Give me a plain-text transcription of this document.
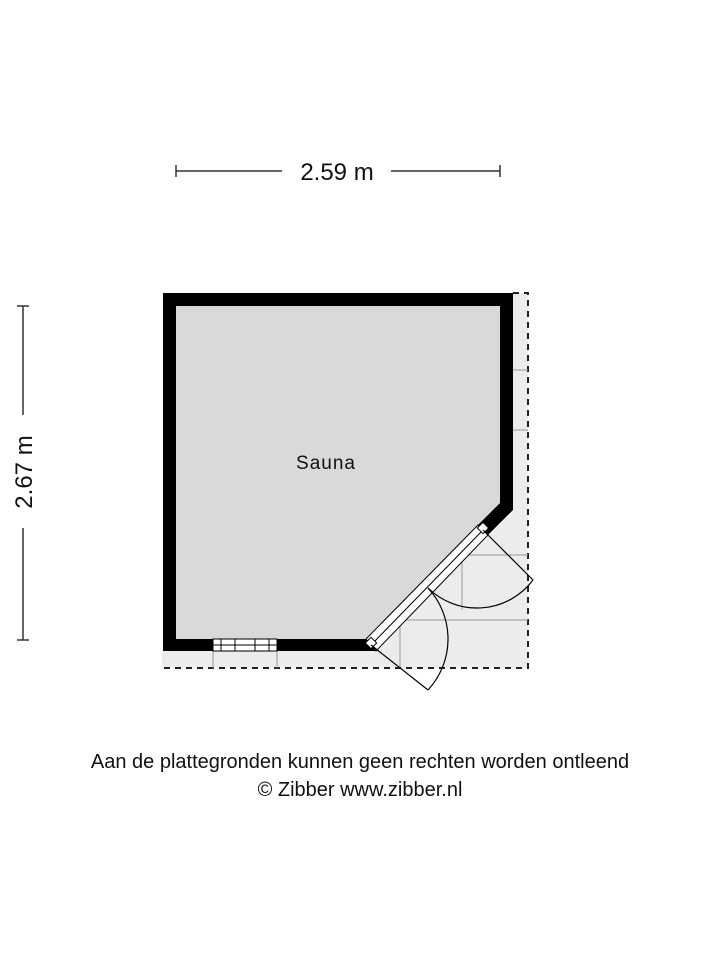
2.59 m
2.67 m	Sauna
Aan de plattegronden kunnen geen rechten worden ontleend
© Zibber www.zibber.nl
